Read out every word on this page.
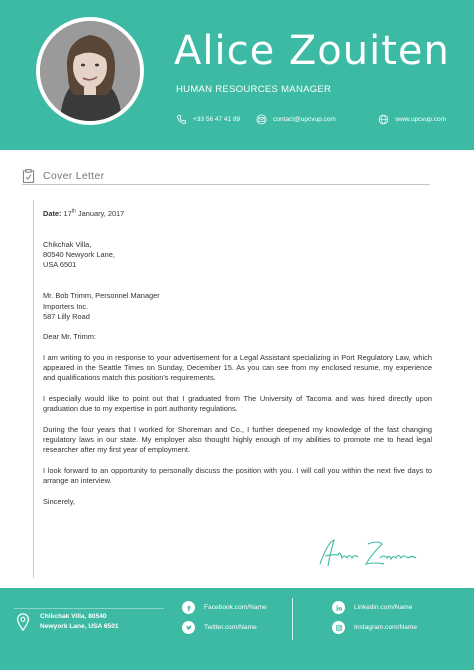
Alice Zouiten
HUMAN RESOURCES MANAGER
+33 56 47 41 89	contact@upcvup.com	www.upcvup.com
Cover Letter

Date: 17th January, 2017

Chikchak Villa,

80540 Newyork Lane,

USA 6501

Mr. Bob Trimm, Personnel Manager

Importers Inc.

587 Lilly Road

Dear Mr. Trimm:

I am writing to you in response to your advertisement for a Legal Assistant specializing in Port Regulatory Law, which appeared in the Seattle Times on Sunday, December 15. As you can see from my enclosed resume, my experience and qualifications match this position's requirements.

I especially would like to point out that I graduated from The University of Tacoma and was hired directly upon graduation due to my expertise in port authority regulations.

During the four years that I worked for Shoreman and Co., I further deepened my knowledge of the fast changing regulatory laws in our state. My employer also thought highly enough of my abilities to promote me to head legal researcher after my first year of employment.

I look forward to an opportunity to personally discuss the position with you. I will call you within the next five days to arrange an interview.

Sincerely,

Chikchak Villa, 80540
Newyork Lane, USA 6501
Facebook.com/Name
Twitter.com/Name
Linkedin.com/Name
Instagram.com/Name
